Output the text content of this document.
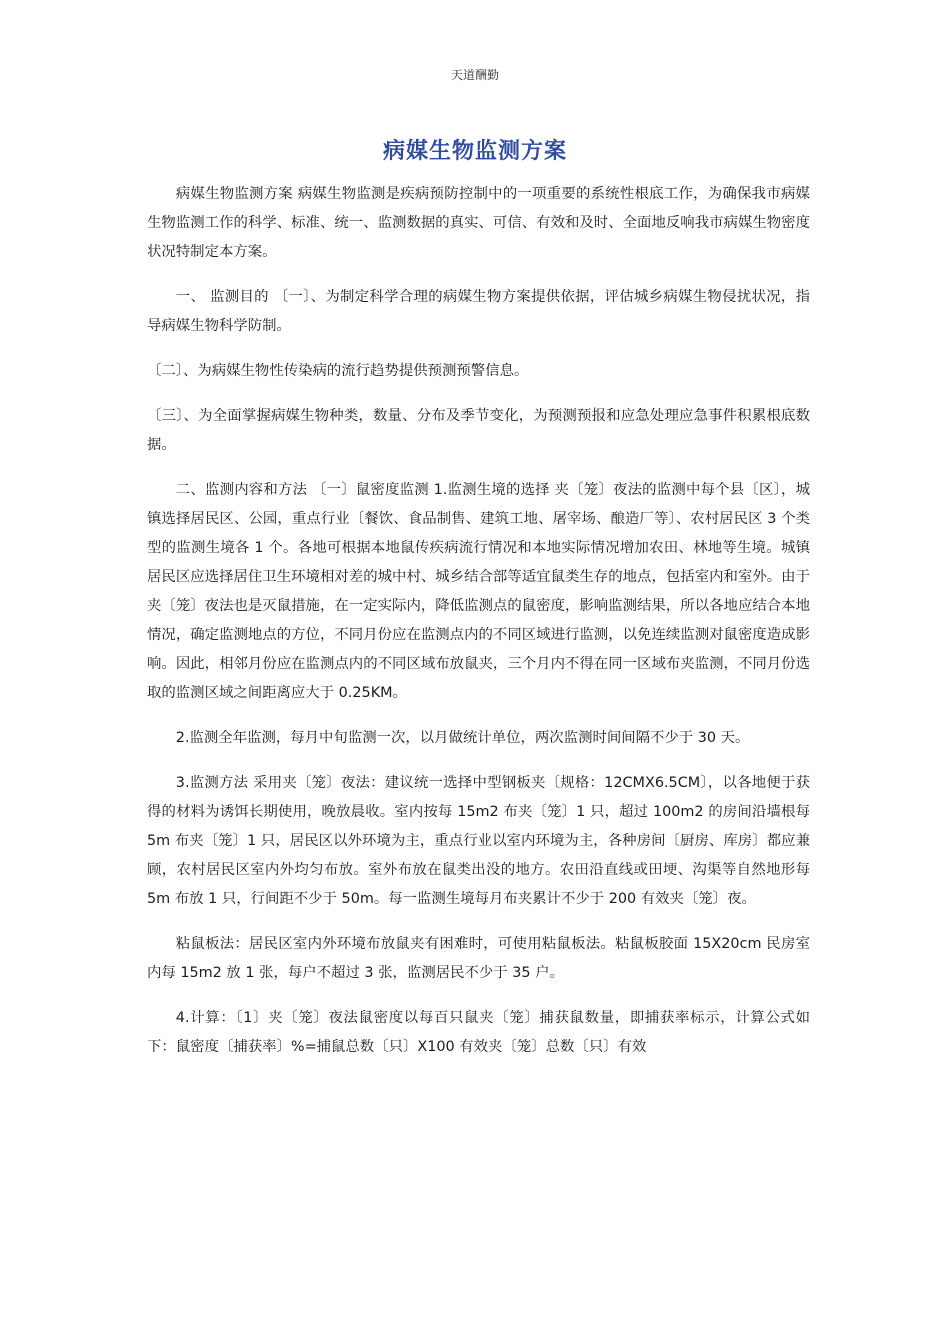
天道酬勤
病媒生物监测方案

病媒生物监测方案 病媒生物监测是疾病预防控制中的一项重要的系统性根底工作，为确保我市病媒生物监测工作的科学、标准、统一、监测数据的真实、可信、有效和及时、全面地反响我市病媒生物密度状况特制定本方案。

一、 监测目的 〔一〕、为制定科学合理的病媒生物方案提供依据，评估城乡病媒生物侵扰状况，指导病媒生物科学防制。

〔二〕、为病媒生物性传染病的流行趋势提供预测预警信息。

〔三〕、为全面掌握病媒生物种类，数量、分布及季节变化，为预测预报和应急处理应急事件积累根底数据。

二、监测内容和方法 〔一〕鼠密度监测 1.监测生境的选择 夹〔笼〕夜法的监测中每个县〔区〕，城镇选择居民区、公园，重点行业〔餐饮、食品制售、建筑工地、屠宰场、酿造厂等〕、农村居民区 3 个类型的监测生境各 1 个。各地可根据本地鼠传疾病流行情况和本地实际情况增加农田、林地等生境。城镇居民区应选择居住卫生环境相对差的城中村、城乡结合部等适宜鼠类生存的地点，包括室内和室外。由于夹〔笼〕夜法也是灭鼠措施，在一定实际内，降低监测点的鼠密度，影响监测结果，所以各地应结合本地情况，确定监测地点的方位，不同月份应在监测点内的不同区域进行监测，以免连续监测对鼠密度造成影响。因此，相邻月份应在监测点内的不同区域布放鼠夹，三个月内不得在同一区域布夹监测，不同月份选取的监测区域之间距离应大于 0.25KM。

2.监测全年监测，每月中旬监测一次，以月做统计单位，两次监测时间间隔不少于 30 天。

3.监测方法 采用夹〔笼〕夜法：建议统一选择中型钢板夹〔规格：12CMX6.5CM〕，以各地便于获得的材料为诱饵长期使用，晚放晨收。室内按每 15m2 布夹〔笼〕1 只，超过 100m2 的房间沿墙根每 5m 布夹〔笼〕1 只，居民区以外环境为主，重点行业以室内环境为主，各种房间〔厨房、库房〕都应兼顾，农村居民区室内外均匀布放。室外布放在鼠类出没的地方。农田沿直线或田埂、沟渠等自然地形每 5m 布放 1 只，行间距不少于 50m。每一监测生境每月布夹累计不少于 200 有效夹〔笼〕夜。

粘鼠板法：居民区室内外环境布放鼠夹有困难时，可使用粘鼠板法。粘鼠板胶面 15X20cm 民房室内每 15m2 放 1 张，每户不超过 3 张，监测居民不少于 35 户。

4.计算：〔1〕夹〔笼〕夜法鼠密度以每百只鼠夹〔笼〕捕获鼠数量，即捕获率标示，计算公式如下：鼠密度〔捕获率〕%=捕鼠总数〔只〕X100 有效夹〔笼〕总数〔只〕有效
